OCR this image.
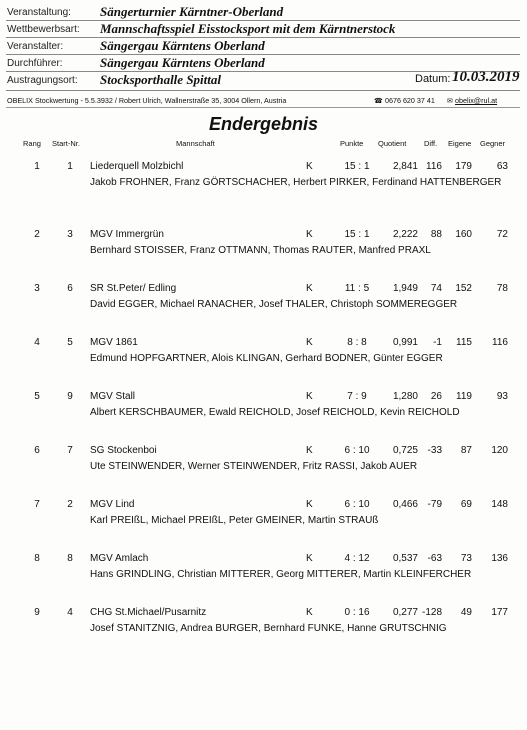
Veranstaltung: Sängerturnier Kärntner-Oberland
Wettbewerbsart: Mannschaftsspiel Eisstocksport mit dem Kärntnerstock
Veranstalter:	Sängergau Kärntens Oberland
Durchführer:	Sängergau Kärntens Oberland
Austragungsort: Stocksporthalle Spittal	Datum: 10.03.2019
OBELIX Stockwertung - 5.5.3932 / Robert Ulrich, Wallnerstraße 35, 3004 Ollern, Austria	☎ 0676 620 37 41 ✉ obelix@rul.at
Endergebnis
Rang Start-Nr.	Mannschaft	Punkte Quotient Diff. Eigene Gegner
1	1	Liederquell Molzbichl	K	15 : 1	2,841 116	179	63
Jakob FROHNER, Franz GÖRTSCHACHER, Herbert PIRKER, Ferdinand HATTENBERGER
2	3	MGV Immergrün	K	15 : 1	2,222	88	160	72
Bernhard STOISSER, Franz OTTMANN, Thomas RAUTER, Manfred PRAXL
3	6	SR St.Peter/ Edling	K	11 : 5	1,949	74	152	78
David EGGER, Michael RANACHER, Josef THALER, Christoph SOMMEREGGER
4	5	MGV 1861	K	8 : 8	0,991	-1	115	116
Edmund HOPFGARTNER, Alois KLINGAN, Gerhard BODNER, Günter EGGER
5	9	MGV Stall	K	7 : 9	1,280	26	119	93
Albert KERSCHBAUMER, Ewald REICHOLD, Josef REICHOLD, Kevin REICHOLD
6	7	SG Stockenboi	K	6 : 10	0,725 -33	87	120
Ute STEINWENDER, Werner STEINWENDER, Fritz RASSI, Jakob AUER
7	2	MGV Lind	K	6 : 10	0,466 -79	69	148
Karl PREIßL, Michael PREIßL, Peter GMEINER, Martin STRAUß
8	8	MGV Amlach	K	4 : 12	0,537 -63	73	136
Hans GRINDLING, Christian MITTERER, Georg MITTERER, Martin KLEINFERCHER
9	4	CHG St.Michael/Pusarnitz	K	0 : 16	0,277 -128	49	177
Josef STANITZNIG, Andrea BURGER, Bernhard FUNKE, Hanne GRUTSCHNIG
